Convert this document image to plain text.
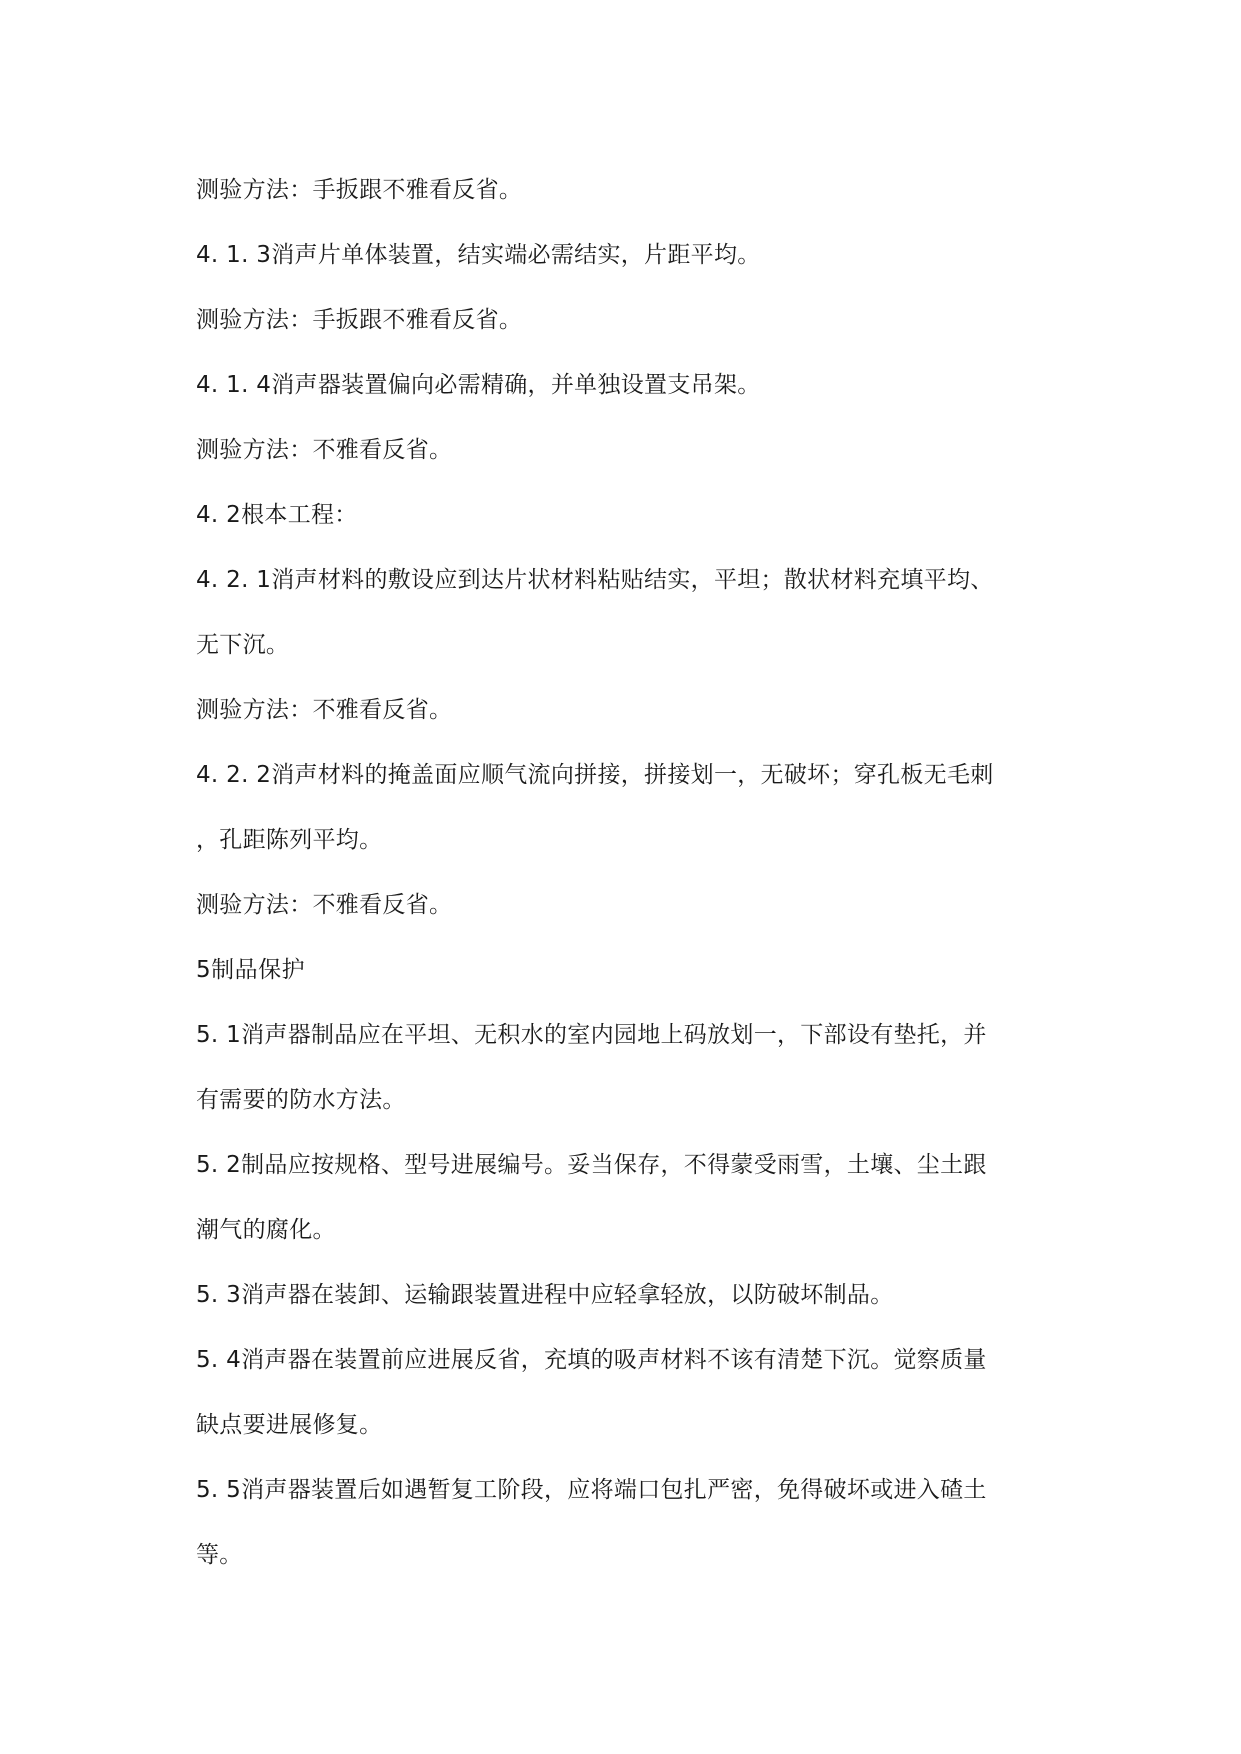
测验方法：手扳跟不雅看反省。

4. 1. 3消声片单体装置，结实端必需结实，片距平均。

测验方法：手扳跟不雅看反省。

4. 1. 4消声器装置偏向必需精确，并单独设置支吊架。

测验方法：不雅看反省。

4. 2根本工程：

4. 2. 1消声材料的敷设应到达片状材料粘贴结实，平坦；散状材料充填平均、

无下沉。

测验方法：不雅看反省。

4. 2. 2消声材料的掩盖面应顺气流向拼接，拼接划一，无破坏；穿孔板无毛刺

，孔距陈列平均。

测验方法：不雅看反省。

5制品保护

5. 1消声器制品应在平坦、无积水的室内园地上码放划一，下部设有垫托，并

有需要的防水方法。

5. 2制品应按规格、型号进展编号。妥当保存，不得蒙受雨雪，土壤、尘土跟

潮气的腐化。

5. 3消声器在装卸、运输跟装置进程中应轻拿轻放，以防破坏制品。

5. 4消声器在装置前应进展反省，充填的吸声材料不该有清楚下沉。觉察质量

缺点要进展修复。

5. 5消声器装置后如遇暂复工阶段，应将端口包扎严密，免得破坏或进入碴土

等。
